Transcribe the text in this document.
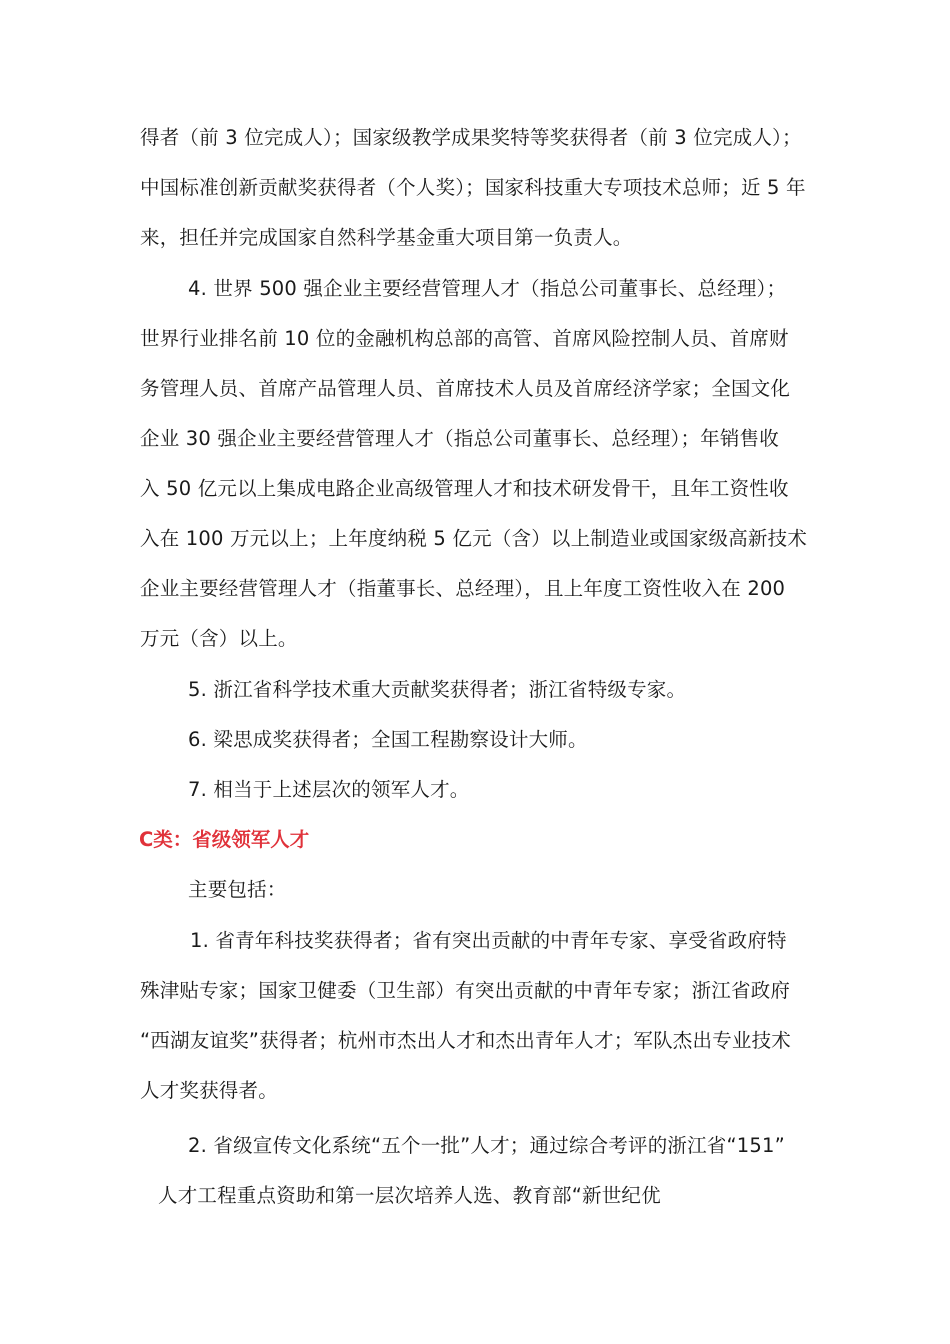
得者（前 3 位完成人）；国家级教学成果奖特等奖获得者（前 3 位完成人）；
中国标准创新贡献奖获得者（个人奖）；国家科技重大专项技术总师；近 5 年
来，担任并完成国家自然科学基金重大项目第一负责人。
4. 世界 500 强企业主要经营管理人才（指总公司董事长、总经理）；
世界行业排名前 10 位的金融机构总部的高管、首席风险控制人员、首席财
务管理人员、首席产品管理人员、首席技术人员及首席经济学家；全国文化
企业 30 强企业主要经营管理人才（指总公司董事长、总经理）；年销售收
入 50 亿元以上集成电路企业高级管理人才和技术研发骨干，且年工资性收
入在 100 万元以上；上年度纳税 5 亿元（含）以上制造业或国家级高新技术
企业主要经营管理人才（指董事长、总经理），且上年度工资性收入在 200
万元（含）以上。
5. 浙江省科学技术重大贡献奖获得者；浙江省特级专家。
6. 梁思成奖获得者；全国工程勘察设计大师。
7. 相当于上述层次的领军人才。
C类：省级领军人才
主要包括：
1. 省青年科技奖获得者；省有突出贡献的中青年专家、享受省政府特
殊津贴专家；国家卫健委（卫生部）有突出贡献的中青年专家；浙江省政府
“西湖友谊奖”获得者；杭州市杰出人才和杰出青年人才；军队杰出专业技术
人才奖获得者。
2. 省级宣传文化系统“五个一批”人才；通过综合考评的浙江省“151”
人才工程重点资助和第一层次培养人选、教育部“新世纪优
